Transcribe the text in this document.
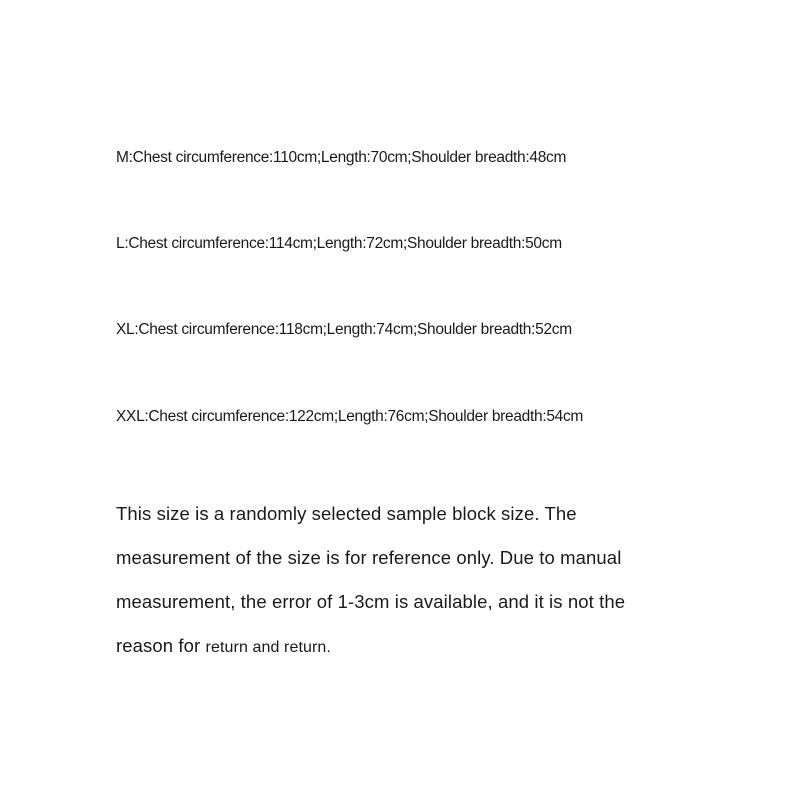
M:Chest circumference:110cm;Length:70cm;Shoulder breadth:48cm
L:Chest circumference:114cm;Length:72cm;Shoulder breadth:50cm
XL:Chest circumference:118cm;Length:74cm;Shoulder breadth:52cm
XXL:Chest circumference:122cm;Length:76cm;Shoulder breadth:54cm
This size is a randomly selected sample block size. The
measurement of the size is for reference only. Due to manual
measurement, the error of 1-3cm is available, and it is not the
reason for return and return.
